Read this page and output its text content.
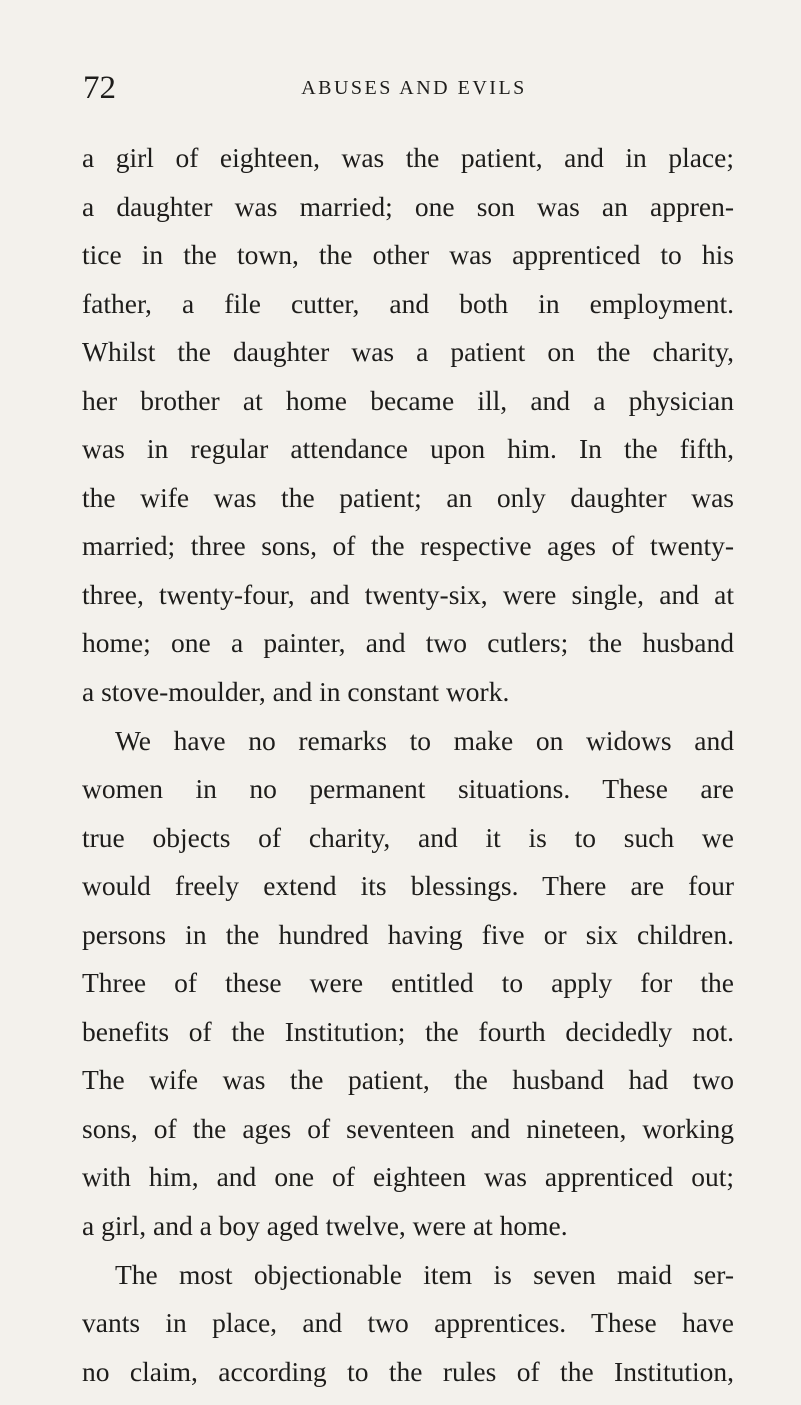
72	ABUSES AND EVILS
a girl of eighteen, was the patient, and in place;
a daughter was married; one son was an appren-
tice in the town, the other was apprenticed to his
father, a file cutter, and both in employment.
Whilst the daughter was a patient on the charity,
her brother at home became ill, and a physician
was in regular attendance upon him. In the fifth,
the wife was the patient; an only daughter was
married; three sons, of the respective ages of twenty-
three, twenty-four, and twenty-six, were single, and at
home; one a painter, and two cutlers; the husband
a stove-moulder, and in constant work.
We have no remarks to make on widows and
women in no permanent situations. These are
true objects of charity, and it is to such we
would freely extend its blessings. There are four
persons in the hundred having five or six children.
Three of these were entitled to apply for the
benefits of the Institution; the fourth decidedly not.
The wife was the patient, the husband had two
sons, of the ages of seventeen and nineteen, working
with him, and one of eighteen was apprenticed out;
a girl, and a boy aged twelve, were at home.
The most objectionable item is seven maid ser-
vants in place, and two apprentices. These have
no claim, according to the rules of the Institution,
